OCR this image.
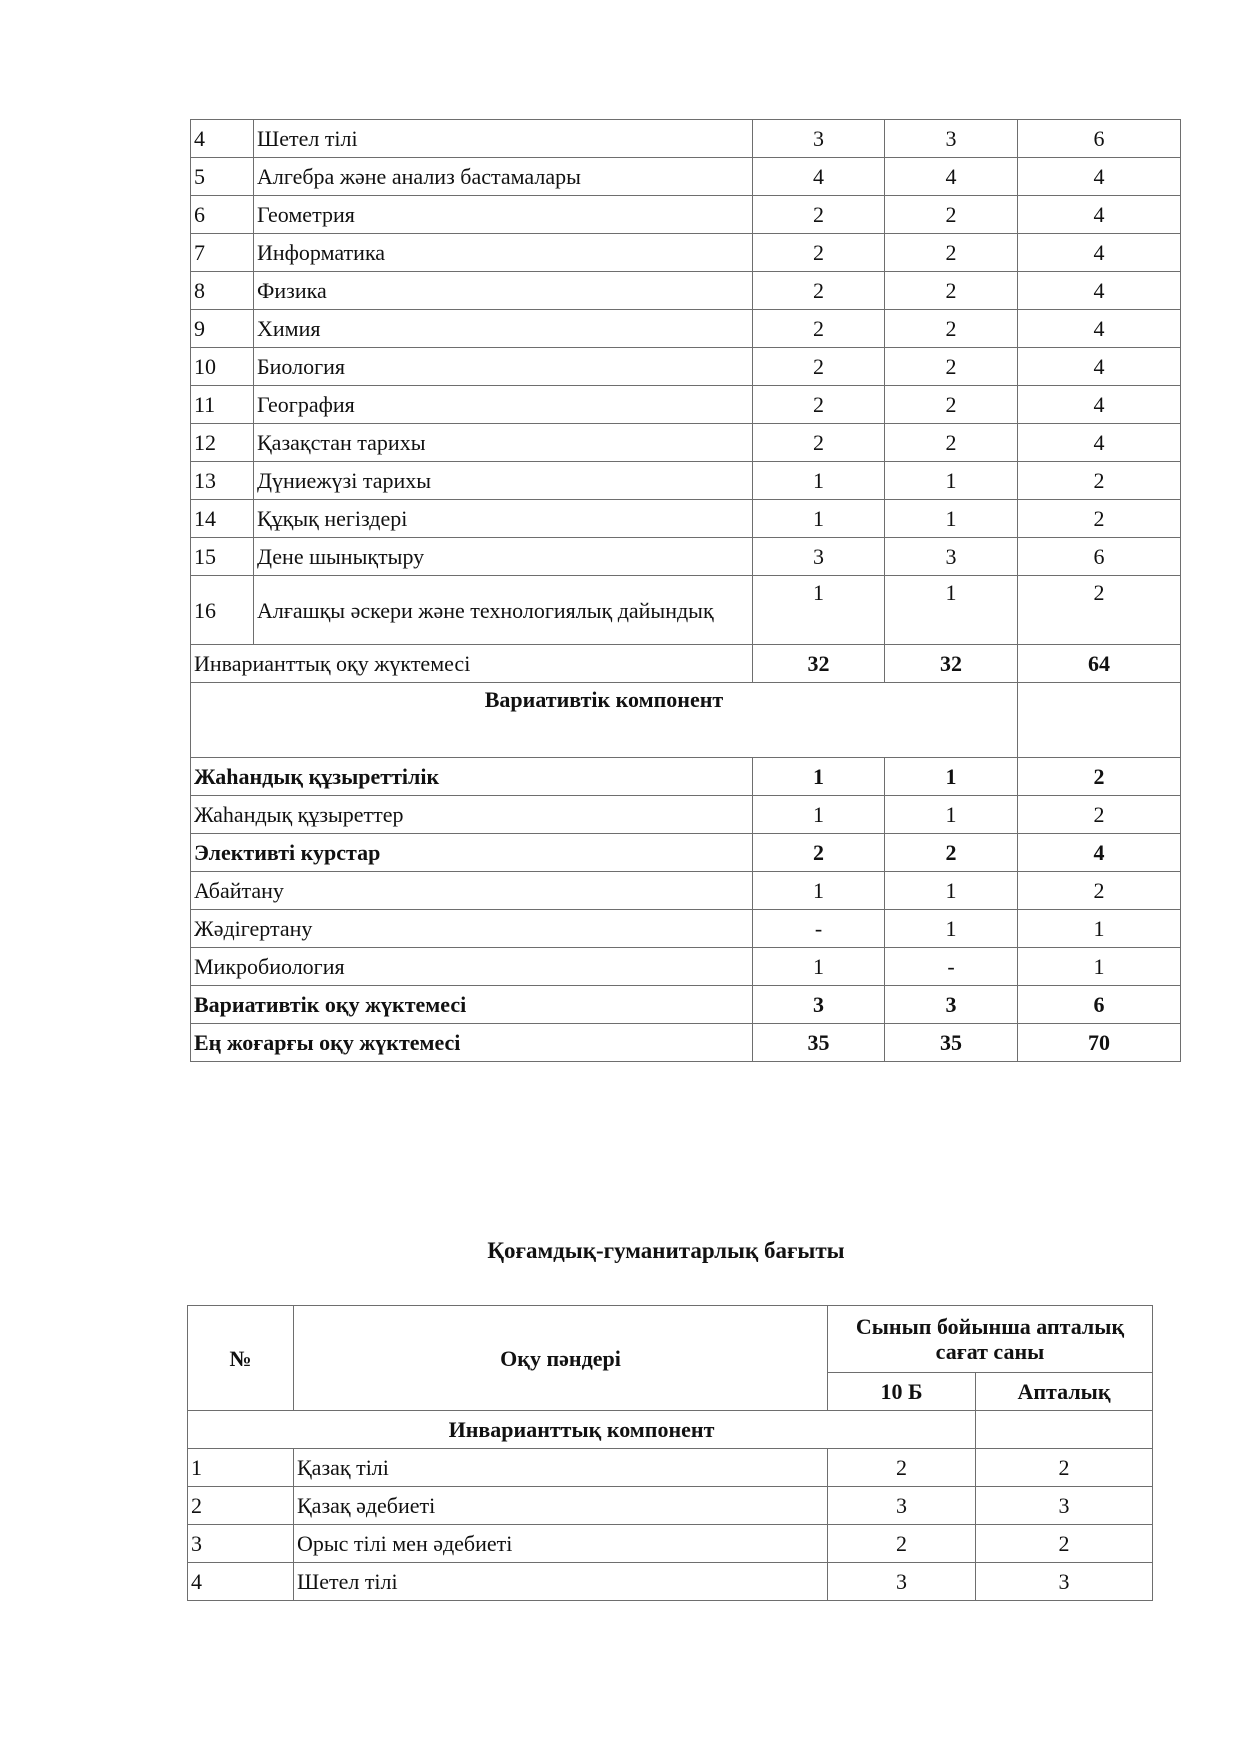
4	Шетел тілі	3	3	6
5	Алгебра және анализ бастамалары	4	4	4
6	Геометрия	2	2	4
7	Информатика	2	2	4
8	Физика	2	2	4
9	Химия	2	2	4
10	Биология	2	2	4
11	География	2	2	4
12	Қазақстан тарихы	2	2	4
13	Дүниежүзі тарихы	1	1	2
14	Құқық негіздері	1	1	2
15	Дене шынықтыру	3	3	6
16	Алғашқы әскери және технологиялық дайындық	1	1	2
Инварианттық оқу жүктемесі		32	32	64
Вариативтік компонент				
Жаһандық құзыреттілік		1	1	2
Жаһандық құзыреттер		1	1	2
Элективті курстар		2	2	4
Абайтану		1	1	2
Жәдігертану		-	1	1
Микробиология		1	-	1
Вариативтік оқу жүктемесі		3	3	6
Ең жоғарғы оқу жүктемесі		35	35	70
Қоғамдық-гуманитарлық бағыты
№	Оқу пәндері	Сынып бойынша апталық сағат саны	
		10 Б	Апталық
Инварианттық компонент			
1	Қазақ тілі	2	2
2	Қазақ әдебиеті	3	3
3	Орыс тілі мен әдебиеті	2	2
4	Шетел тілі	3	3
